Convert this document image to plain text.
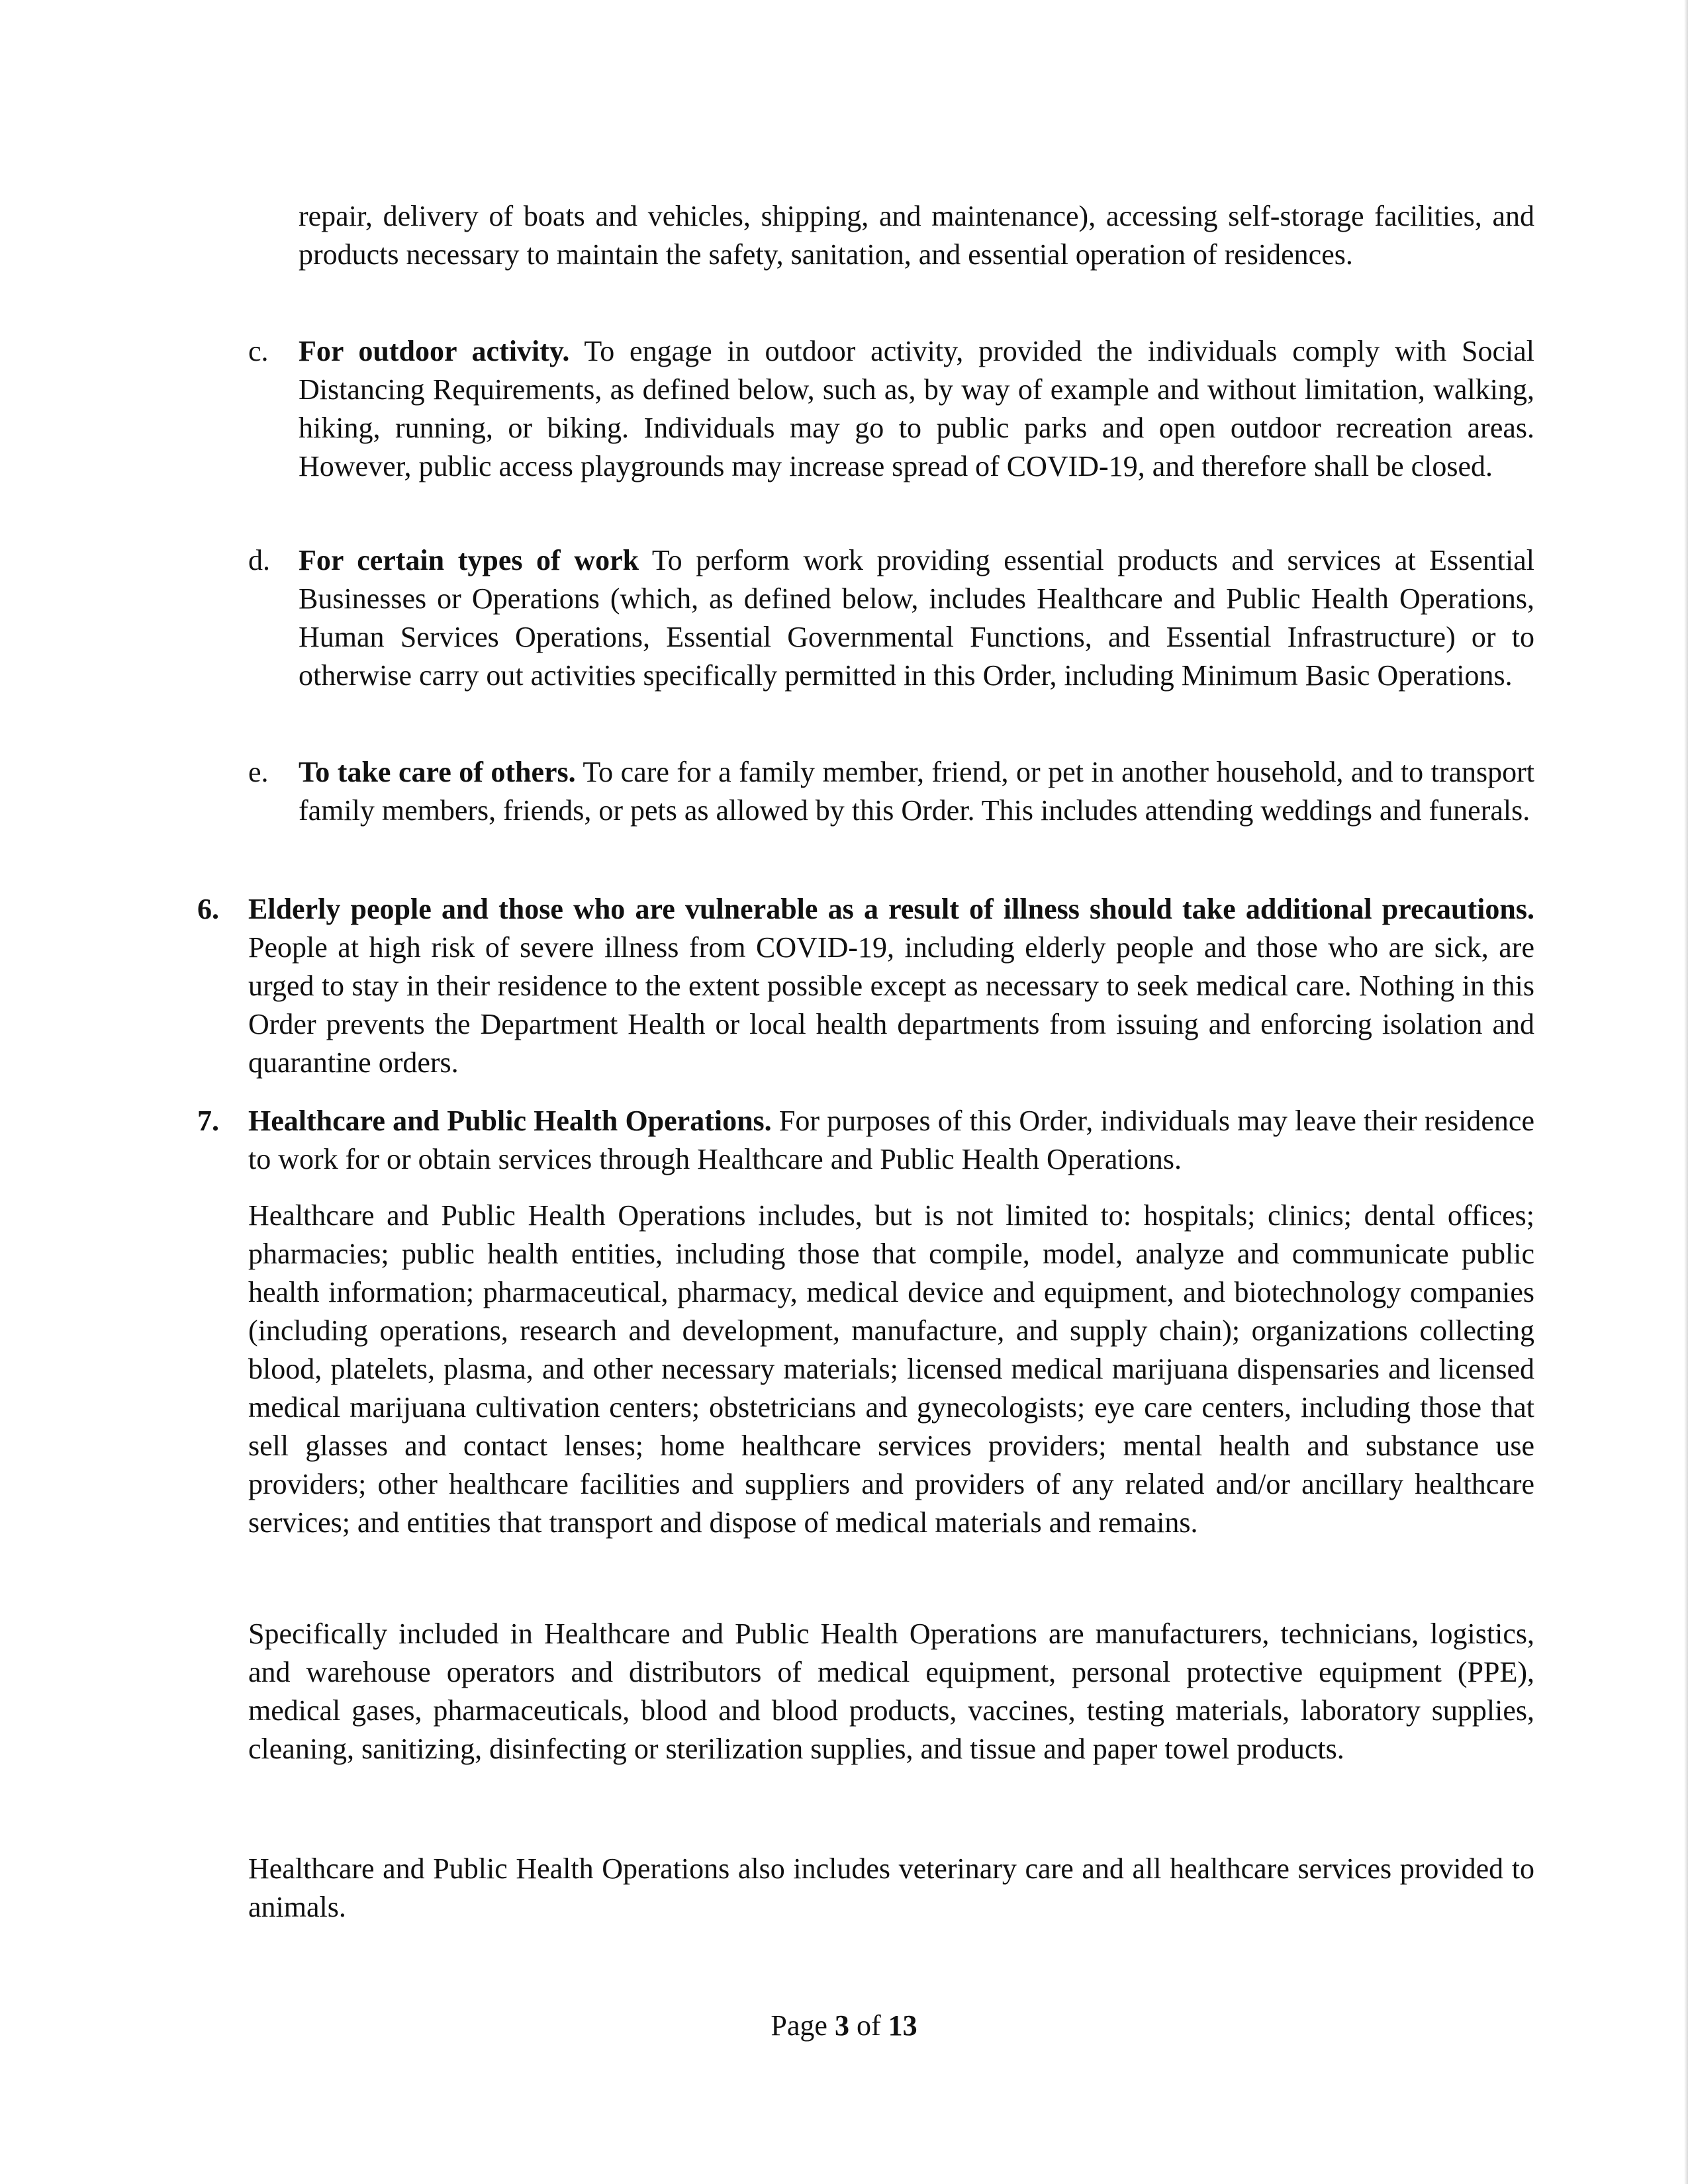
repair, delivery of boats and vehicles, shipping, and maintenance), accessing self-storage facilities, and products necessary to maintain the safety, sanitation, and essential operation of residences.

c. For outdoor activity. To engage in outdoor activity, provided the individuals comply with Social Distancing Requirements, as defined below, such as, by way of example and without limitation, walking, hiking, running, or biking. Individuals may go to public parks and open outdoor recreation areas. However, public access playgrounds may increase spread of COVID-19, and therefore shall be closed.

d. For certain types of work To perform work providing essential products and services at Essential Businesses or Operations (which, as defined below, includes Healthcare and Public Health Operations, Human Services Operations, Essential Governmental Functions, and Essential Infrastructure) or to otherwise carry out activities specifically permitted in this Order, including Minimum Basic Operations.

e. To take care of others. To care for a family member, friend, or pet in another household, and to transport family members, friends, or pets as allowed by this Order. This includes attending weddings and funerals.

6. Elderly people and those who are vulnerable as a result of illness should take additional precautions. People at high risk of severe illness from COVID-19, including elderly people and those who are sick, are urged to stay in their residence to the extent possible except as necessary to seek medical care. Nothing in this Order prevents the Department Health or local health departments from issuing and enforcing isolation and quarantine orders.

7. Healthcare and Public Health Operations. For purposes of this Order, individuals may leave their residence to work for or obtain services through Healthcare and Public Health Operations.

Healthcare and Public Health Operations includes, but is not limited to: hospitals; clinics; dental offices; pharmacies; public health entities, including those that compile, model, analyze and communicate public health information; pharmaceutical, pharmacy, medical device and equipment, and biotechnology companies (including operations, research and development, manufacture, and supply chain); organizations collecting blood, platelets, plasma, and other necessary materials; licensed medical marijuana dispensaries and licensed medical marijuana cultivation centers; obstetricians and gynecologists; eye care centers, including those that sell glasses and contact lenses; home healthcare services providers; mental health and substance use providers; other healthcare facilities and suppliers and providers of any related and/or ancillary healthcare services; and entities that transport and dispose of medical materials and remains.

Specifically included in Healthcare and Public Health Operations are manufacturers, technicians, logistics, and warehouse operators and distributors of medical equipment, personal protective equipment (PPE), medical gases, pharmaceuticals, blood and blood products, vaccines, testing materials, laboratory supplies, cleaning, sanitizing, disinfecting or sterilization supplies, and tissue and paper towel products.

Healthcare and Public Health Operations also includes veterinary care and all healthcare services provided to animals.

Page 3 of 13
